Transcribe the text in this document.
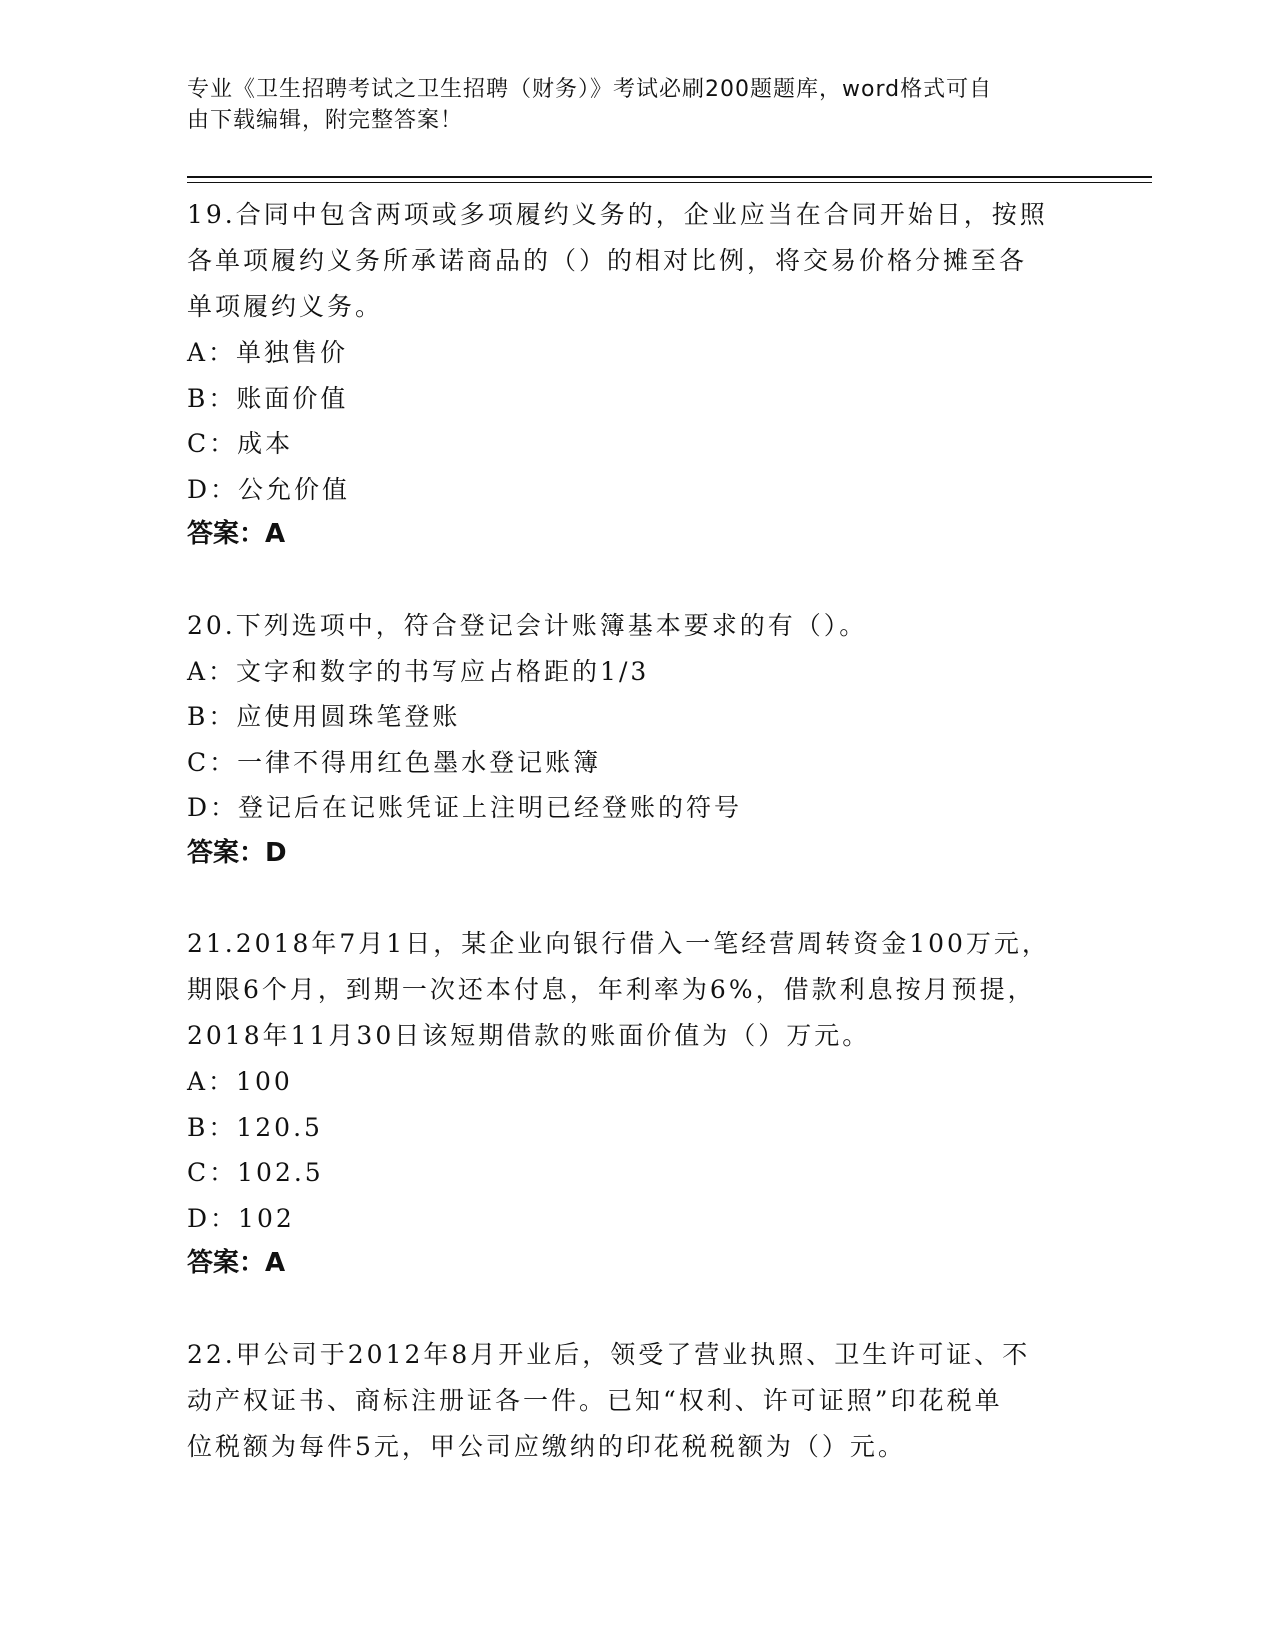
专业《卫生招聘考试之卫生招聘（财务）》考试必刷200题题库，word格式可自
由下载编辑，附完整答案！

19.合同中包含两项或多项履约义务的，企业应当在合同开始日，按照

各单项履约义务所承诺商品的（）的相对比例，将交易价格分摊至各

单项履约义务。

A：单独售价

B：账面价值

C：成本

D：公允价值

答案：A

20.下列选项中，符合登记会计账簿基本要求的有（）。

A：文字和数字的书写应占格距的1/3

B：应使用圆珠笔登账

C：一律不得用红色墨水登记账簿

D：登记后在记账凭证上注明已经登账的符号

答案：D

21.2018年7月1日，某企业向银行借入一笔经营周转资金100万元，

期限6个月，到期一次还本付息，年利率为6%，借款利息按月预提，

2018年11月30日该短期借款的账面价值为（）万元。

A：100

B：120.5

C：102.5

D：102

答案：A

22.甲公司于2012年8月开业后，领受了营业执照、卫生许可证、不

动产权证书、商标注册证各一件。已知“权利、许可证照”印花税单

位税额为每件5元，甲公司应缴纳的印花税税额为（）元。
